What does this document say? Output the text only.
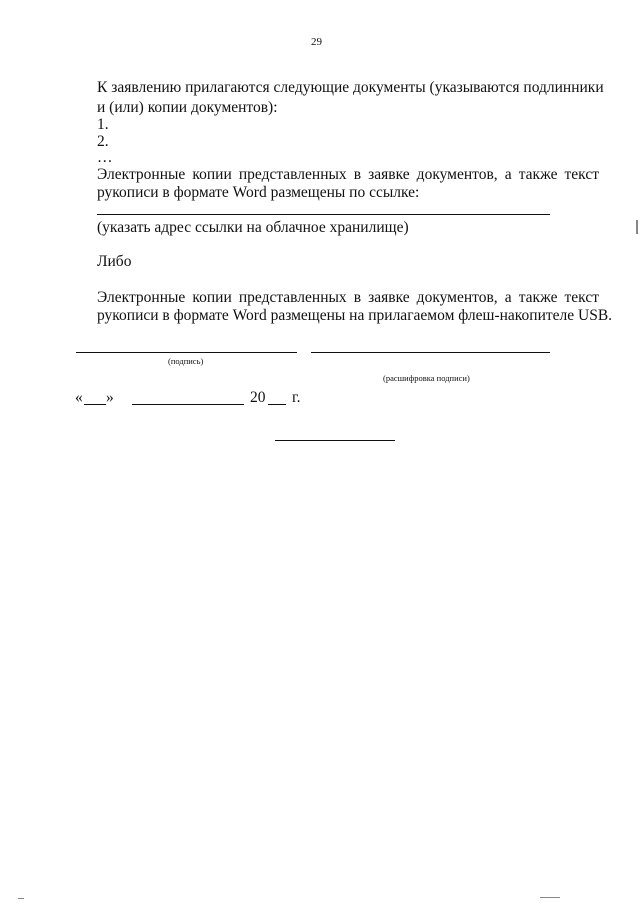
29
К заявлению прилагаются следующие документы (указываются подлинники
и (или) копии документов):
1.
2.
…
Электронные копии представленных в заявке документов, а также текст
рукописи в формате Word размещены по ссылке:
(указать адрес ссылки на облачное хранилище)
Либо
Электронные копии представленных в заявке документов, а также текст
рукописи в формате Word размещены на прилагаемом флеш-накопителе USB.
(подпись)
(расшифровка подписи)
« »	20 г.
